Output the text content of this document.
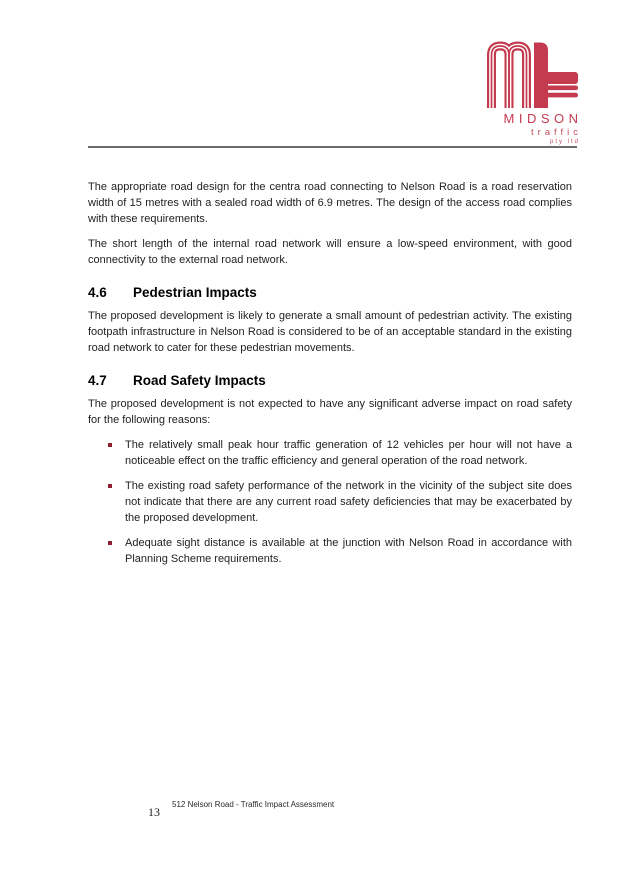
MIDSON
traffic
pty ltd

The appropriate road design for the centra road connecting to Nelson Road is a road reservation width of 15 metres with a sealed road width of 6.9 metres. The design of the access road complies with these requirements.

The short length of the internal road network will ensure a low-speed environment, with good connectivity to the external road network.

4.6 Pedestrian Impacts

The proposed development is likely to generate a small amount of pedestrian activity. The existing footpath infrastructure in Nelson Road is considered to be of an acceptable standard in the existing road network to cater for these pedestrian movements.

4.7 Road Safety Impacts

The proposed development is not expected to have any significant adverse impact on road safety for the following reasons:

The relatively small peak hour traffic generation of 12 vehicles per hour will not have a noticeable effect on the traffic efficiency and general operation of the road network.
The existing road safety performance of the network in the vicinity of the subject site does not indicate that there are any current road safety deficiencies that may be exacerbated by the proposed development.
Adequate sight distance is available at the junction with Nelson Road in accordance with Planning Scheme requirements.
13
512 Nelson Road - Traffic Impact Assessment
